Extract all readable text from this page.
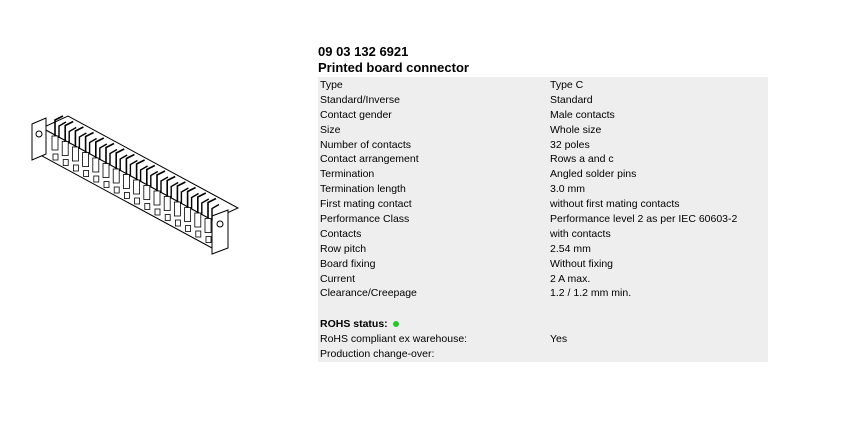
09 03 132 6921
Printed board connector
Type	Type C
Standard/Inverse	Standard
Contact gender	Male contacts
Size	Whole size
Number of contacts	32 poles
Contact arrangement	Rows a and c
Termination	Angled solder pins
Termination length	3.0 mm
First mating contact	without first mating contacts
Performance Class	Performance level 2 as per IEC 60603-2
Contacts	with contacts
Row pitch	2.54 mm
Board fixing	Without fixing
Current	2 A max.
Clearance/Creepage	1.2 / 1.2 mm min.
ROHS status:
RoHS compliant ex warehouse:	Yes
Production change-over:
